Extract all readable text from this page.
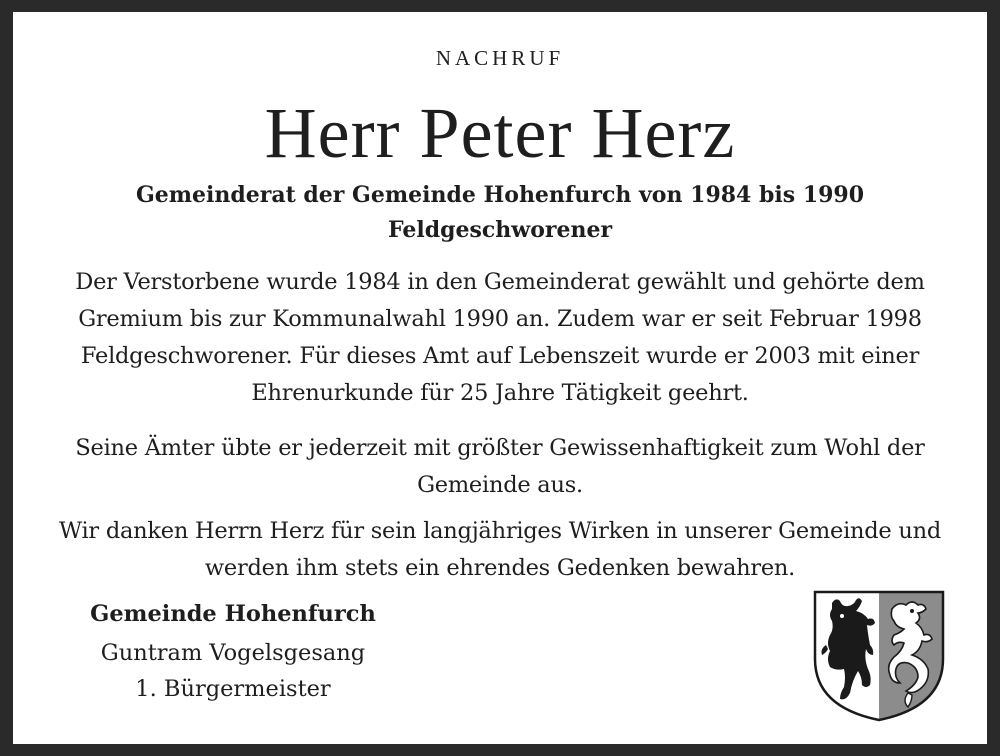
NACHRUF
Herr Peter Herz
Gemeinderat der Gemeinde Hohenfurch von 1984 bis 1990
Feldgeschworener
Der Verstorbene wurde 1984 in den Gemeinderat gewählt und gehörte dem Gremium bis zur Kommunalwahl 1990 an. Zudem war er seit Februar 1998 Feldgeschworener. Für dieses Amt auf Lebenszeit wurde er 2003 mit einer Ehrenurkunde für 25 Jahre Tätigkeit geehrt.
Seine Ämter übte er jederzeit mit größter Gewissenhaftigkeit zum Wohl der Gemeinde aus.
Wir danken Herrn Herz für sein langjähriges Wirken in unserer Gemeinde und werden ihm stets ein ehrendes Gedenken bewahren.
Gemeinde Hohenfurch
Guntram Vogelsgesang
1. Bürgermeister
